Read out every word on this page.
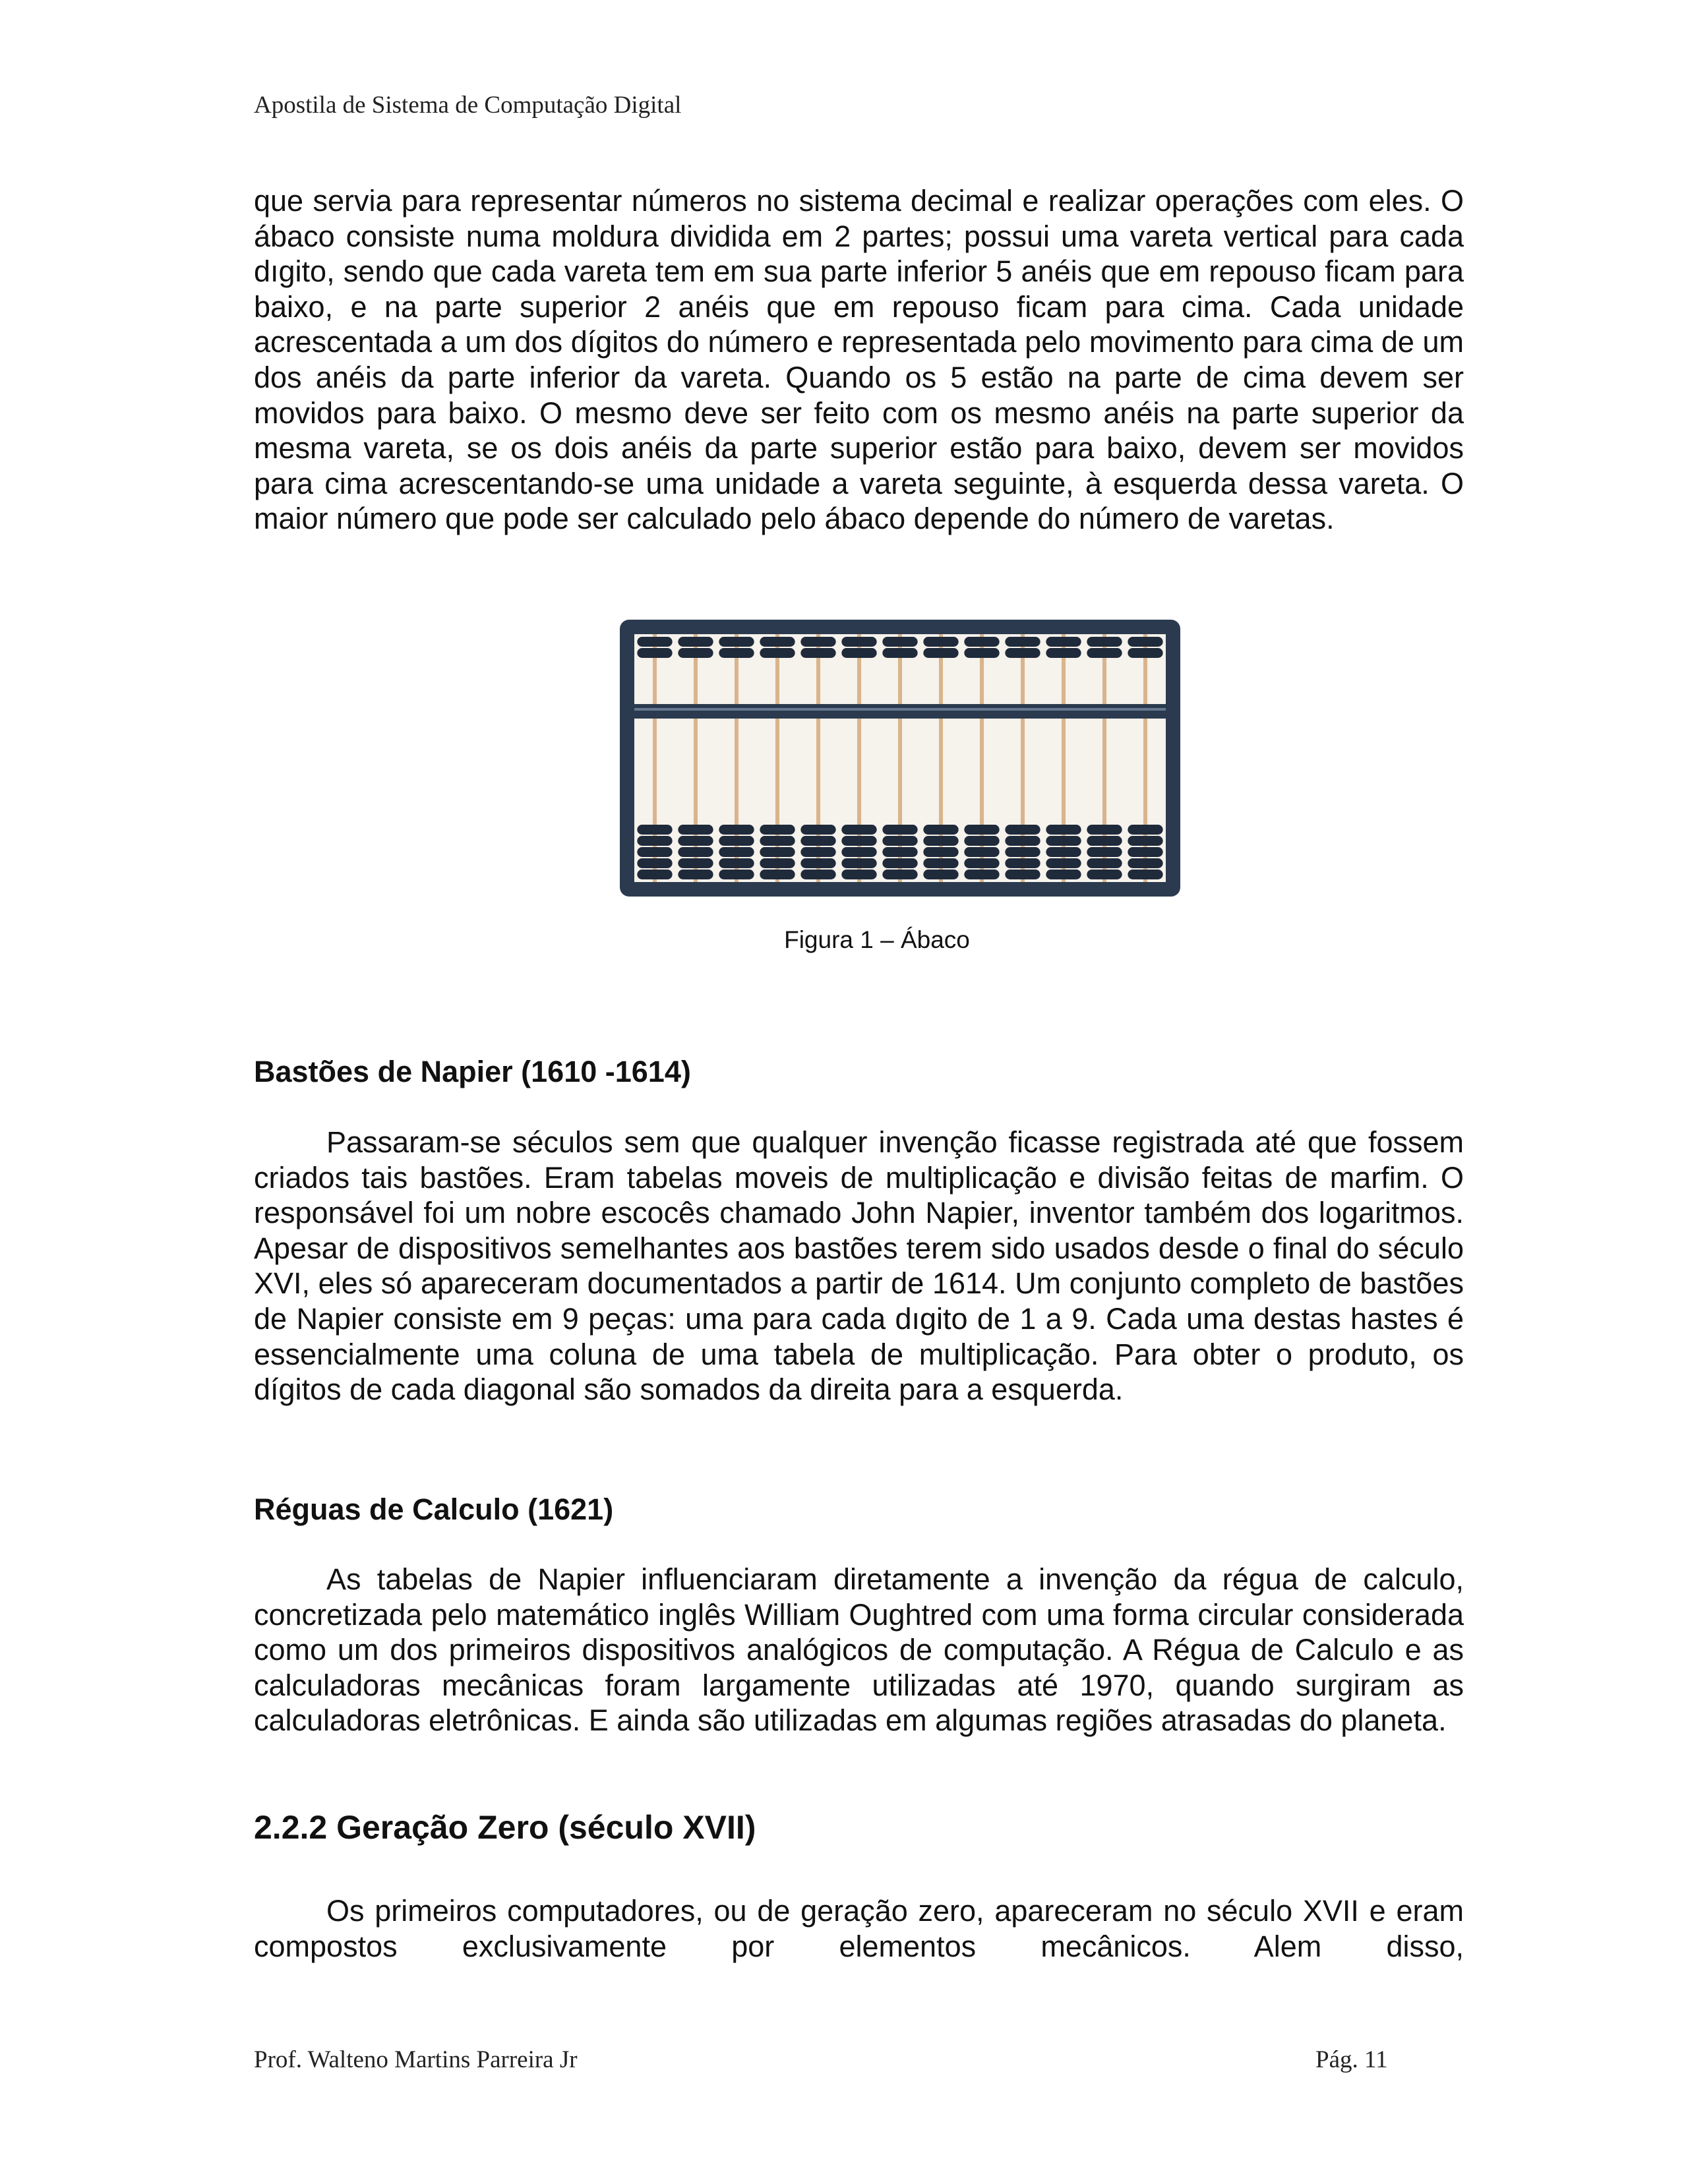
Apostila de Sistema de Computação Digital

que servia para representar números no sistema decimal e realizar operações com eles. O ábaco consiste numa moldura dividida em 2 partes; possui uma vareta vertical para cada dıgito, sendo que cada vareta tem em sua parte inferior 5 anéis que em repouso ficam para baixo, e na parte superior 2 anéis que em repouso ficam para cima. Cada unidade acrescentada a um dos dígitos do número e representada pelo movimento para cima de um dos anéis da parte inferior da vareta. Quando os 5 estão na parte de cima devem ser movidos para baixo. O mesmo deve ser feito com os mesmo anéis na parte superior da mesma vareta, se os dois anéis da parte superior estão para baixo, devem ser movidos para cima acrescentando-se uma unidade a vareta seguinte, à esquerda dessa vareta. O maior número que pode ser calculado pelo ábaco depende do número de varetas.

Figura 1 – Ábaco
Bastões de Napier (1610 -1614)

Passaram-se séculos sem que qualquer invenção ficasse registrada até que fossem criados tais bastões. Eram tabelas moveis de multiplicação e divisão feitas de marfim. O responsável foi um nobre escocês chamado John Napier, inventor também dos logaritmos. Apesar de dispositivos semelhantes aos bastões terem sido usados desde o final do século XVI, eles só apareceram documentados a partir de 1614. Um conjunto completo de bastões de Napier consiste em 9 peças: uma para cada dıgito de 1 a 9. Cada uma destas hastes é essencialmente uma coluna de uma tabela de multiplicação. Para obter o produto, os dígitos de cada diagonal são somados da direita para a esquerda.

Réguas de Calculo (1621)

As tabelas de Napier influenciaram diretamente a invenção da régua de calculo, concretizada pelo matemático inglês William Oughtred com uma forma circular considerada como um dos primeiros dispositivos analógicos de computação. A Régua de Calculo e as calculadoras mecânicas foram largamente utilizadas até 1970, quando surgiram as calculadoras eletrônicas. E ainda são utilizadas em algumas regiões atrasadas do planeta.

2.2.2 Geração Zero (século XVII)

Os primeiros computadores, ou de geração zero, apareceram no século XVII e eram compostos exclusivamente por elementos mecânicos. Alem disso,

Prof. Walteno Martins Parreira Jr	Pág. 11
